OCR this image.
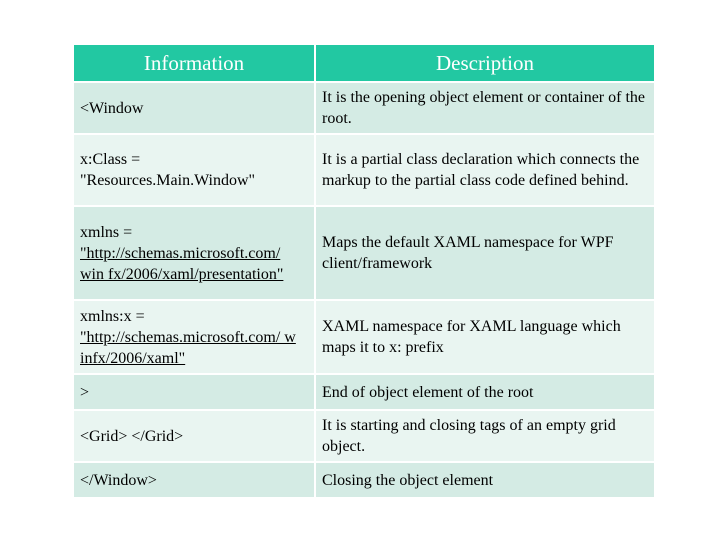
Information	Description
<Window	It is the opening object element or container of the root.
x:Class = "Resources.Main.Window"	It is a partial class declaration which connects the markup to the partial class code defined behind.

xmlns =
"http://schemas.microsoft.com/ win fx/2006/xaml/presentation"	Maps the default XAML namespace for WPF client/framework

xmlns:x =
"http://schemas.microsoft.com/ w infx/2006/xaml"	XAML namespace for XAML language which maps it to x: prefix
>	End of object element of the root
<Grid> </Grid>	It is starting and closing tags of an empty grid object.
</Window>	Closing the object element
